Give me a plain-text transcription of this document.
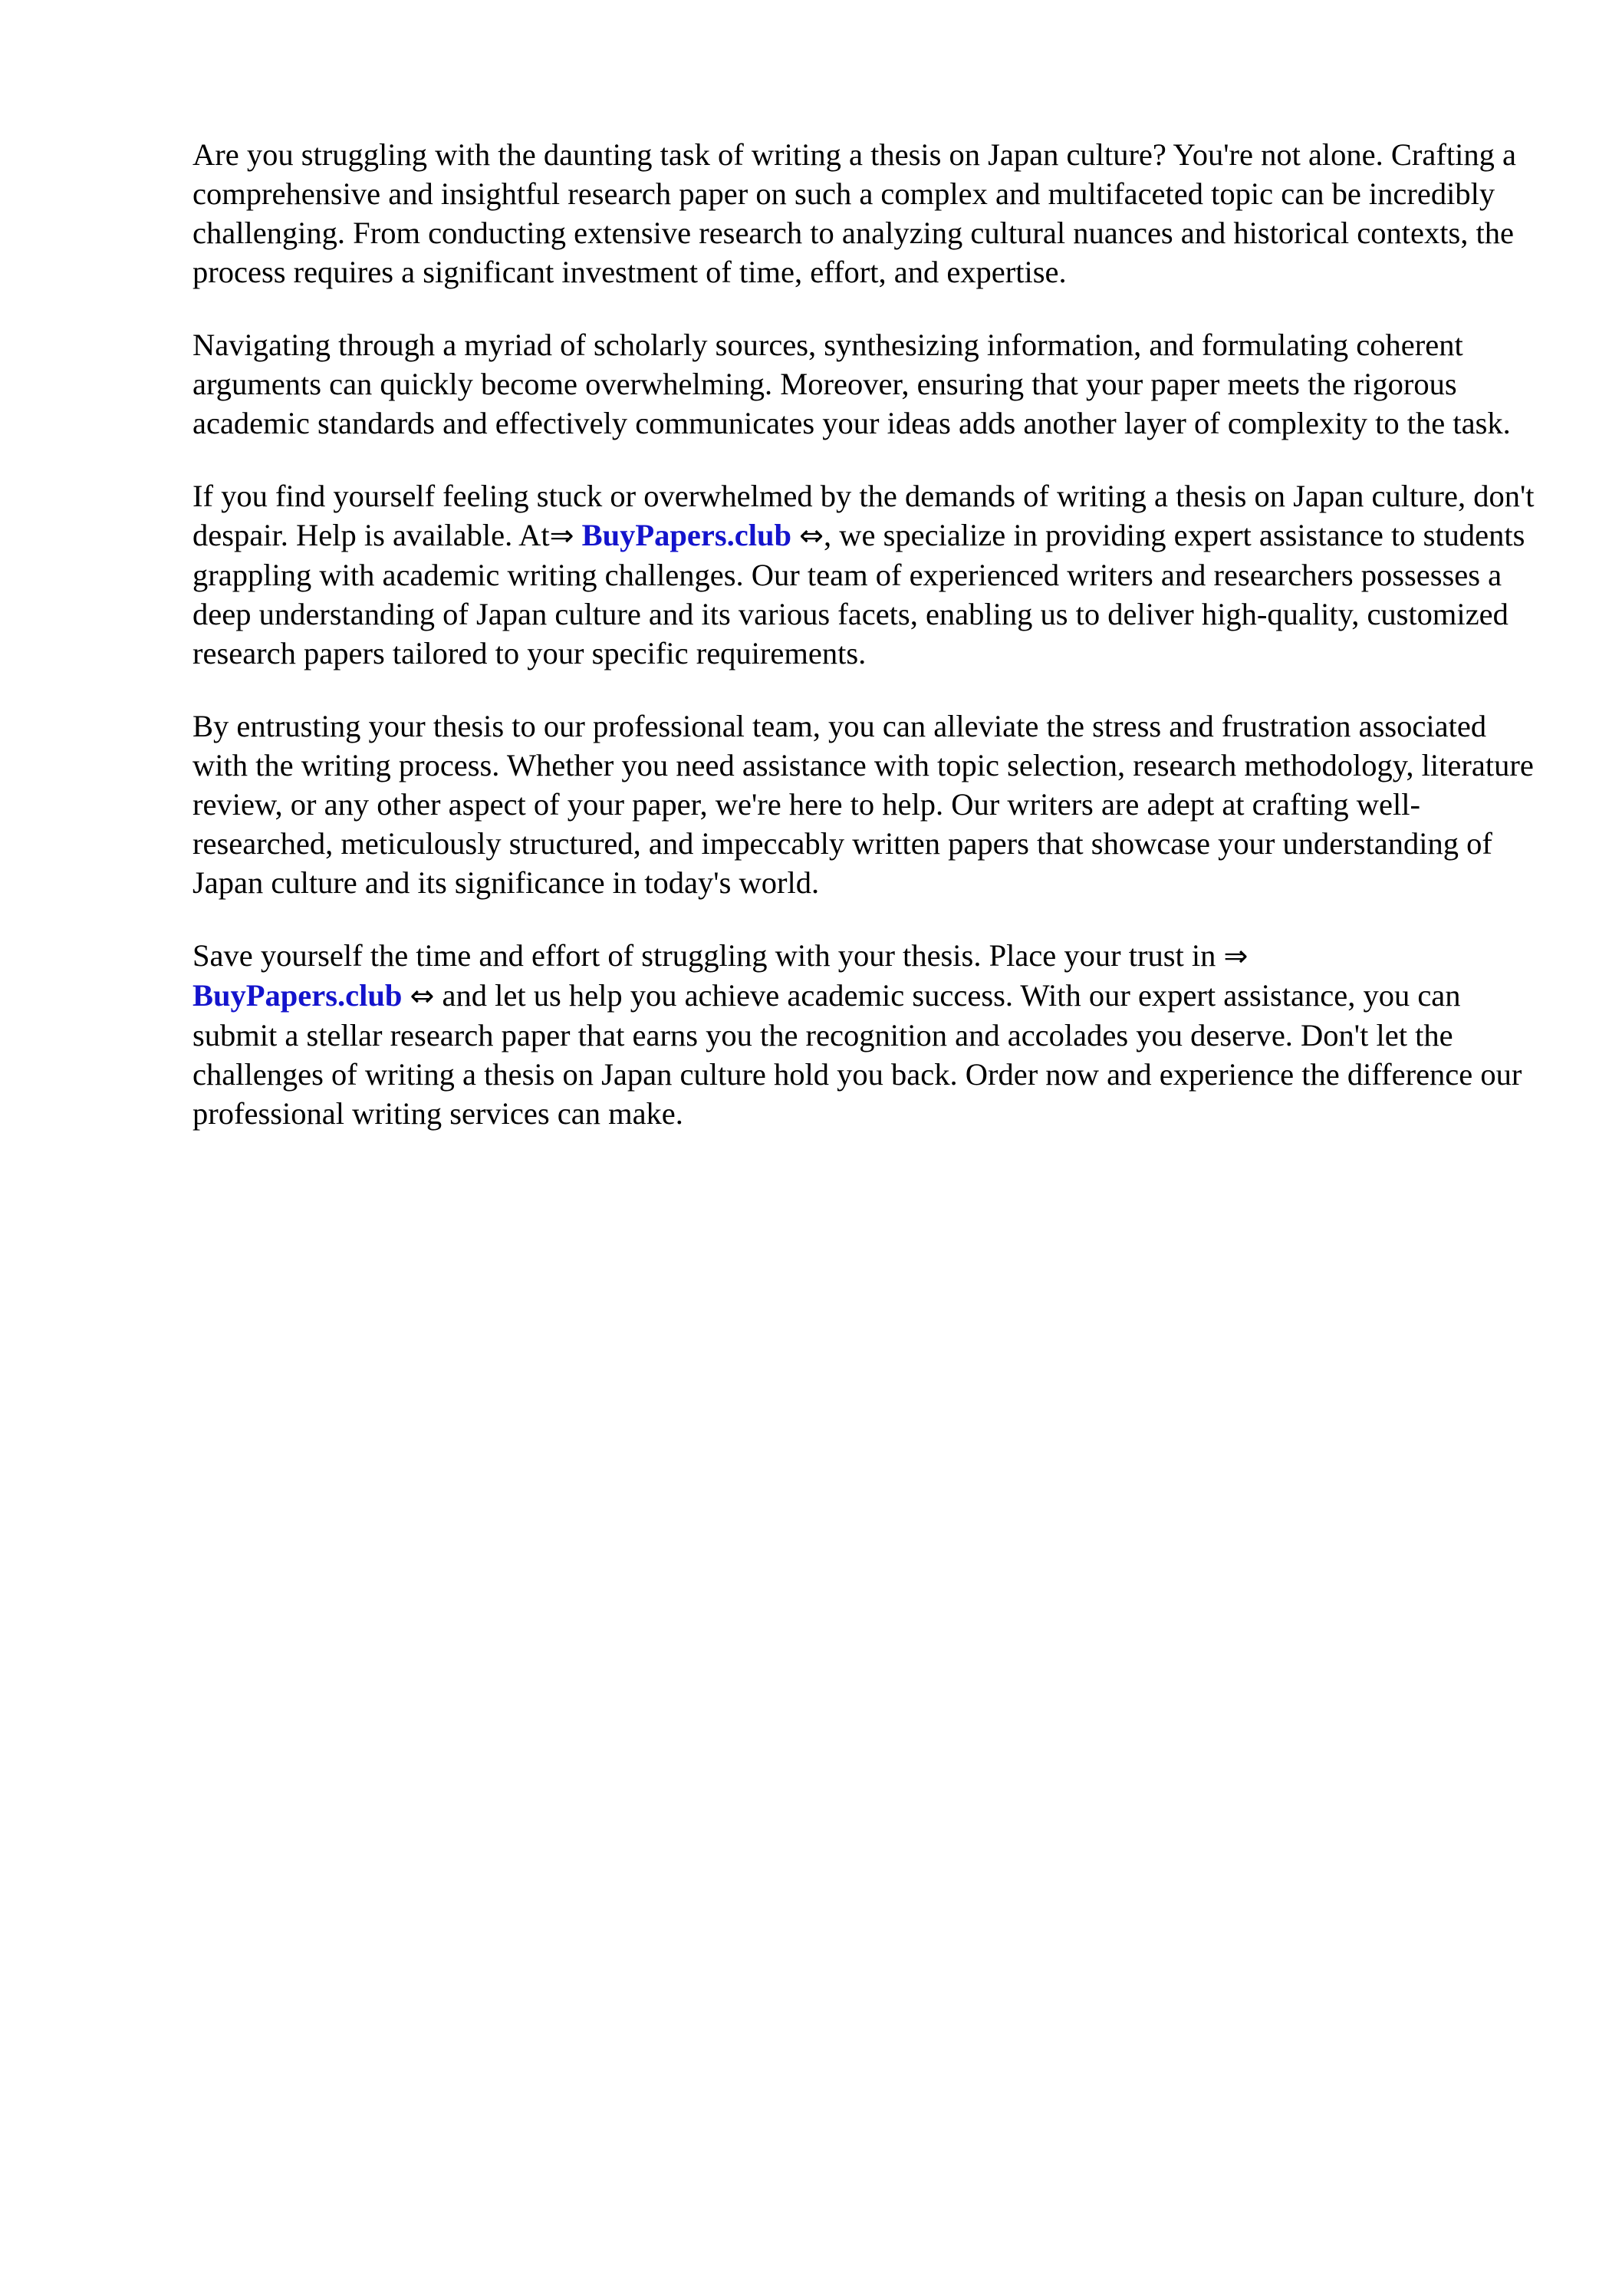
Are you struggling with the daunting task of writing a thesis on Japan culture? You're not alone. Crafting a comprehensive and insightful research paper on such a complex and multifaceted topic can be incredibly challenging. From conducting extensive research to analyzing cultural nuances and historical contexts, the process requires a significant investment of time, effort, and expertise.

Navigating through a myriad of scholarly sources, synthesizing information, and formulating coherent arguments can quickly become overwhelming. Moreover, ensuring that your paper meets the rigorous academic standards and effectively communicates your ideas adds another layer of complexity to the task.

If you find yourself feeling stuck or overwhelmed by the demands of writing a thesis on Japan culture, don't despair. Help is available. At⇒ BuyPapers.club ⇔, we specialize in providing expert assistance to students grappling with academic writing challenges. Our team of experienced writers and researchers possesses a deep understanding of Japan culture and its various facets, enabling us to deliver high-quality, customized research papers tailored to your specific requirements.

By entrusting your thesis to our professional team, you can alleviate the stress and frustration associated with the writing process. Whether you need assistance with topic selection, research methodology, literature review, or any other aspect of your paper, we're here to help. Our writers are adept at crafting well-researched, meticulously structured, and impeccably written papers that showcase your understanding of Japan culture and its significance in today's world.

Save yourself the time and effort of struggling with your thesis. Place your trust in ⇒
BuyPapers.club ⇔ and let us help you achieve academic success. With our expert assistance, you can submit a stellar research paper that earns you the recognition and accolades you deserve. Don't let the challenges of writing a thesis on Japan culture hold you back. Order now and experience the difference our professional writing services can make.
